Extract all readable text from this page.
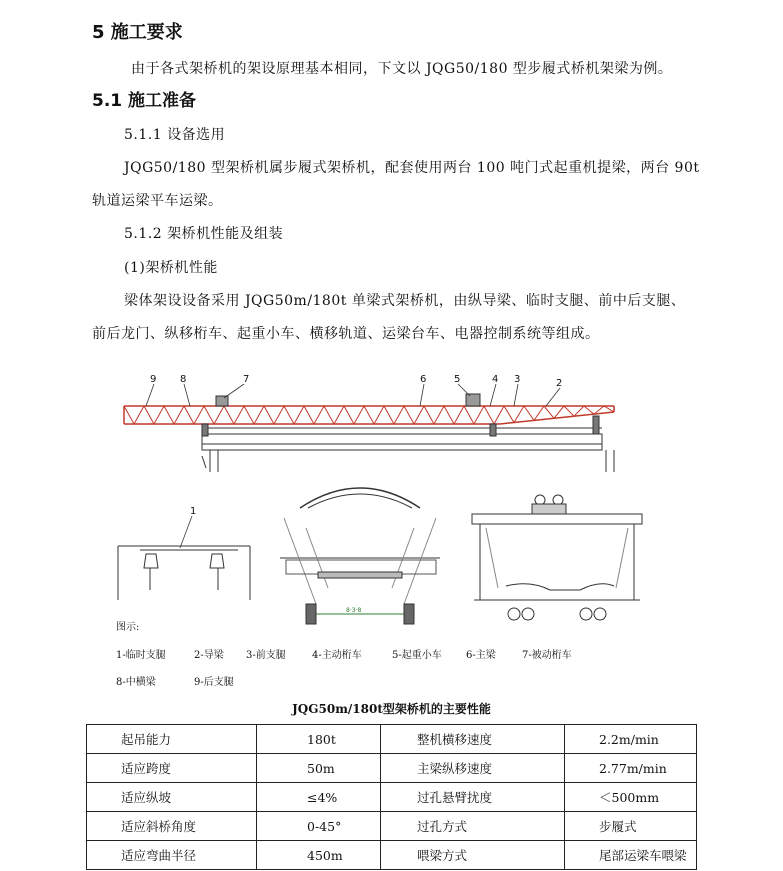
5 施工要求
由于各式架桥机的架设原理基本相同，下文以 JQG50/180 型步履式桥机架梁为例。
5.1 施工准备
5.1.1 设备选用
JQG50/180 型架桥机属步履式架桥机，配套使用两台 100 吨门式起重机提梁，两台 90t
轨道运梁平车运梁。
5.1.2 架桥机性能及组装
(1)架桥机性能
梁体架设设备采用 JQG50m/180t 单梁式架桥机，由纵导梁、临时支腿、前中后支腿、
前后龙门、纵移桁车、起重小车、横移轨道、运梁台车、电器控制系统等组成。
9 8	7	6	5	4 3	2
1
8·3·8
图示:
1-临时支腿	2-导梁 3-前支腿	4-主动桁车	5-起重小车 6-主梁	7-被动桁车
8-中横梁	9-后支腿
JQG50m/180t型架桥机的主要性能
起吊能力	180t	整机横移速度	2.2m/min
适应跨度	50m	主梁纵移速度	2.77m/min
适应纵坡	≤4%	过孔悬臂扰度	＜500mm
适应斜桥角度	0-45°	过孔方式	步履式
适应弯曲半径	450m	喂梁方式	尾部运梁车喂梁
